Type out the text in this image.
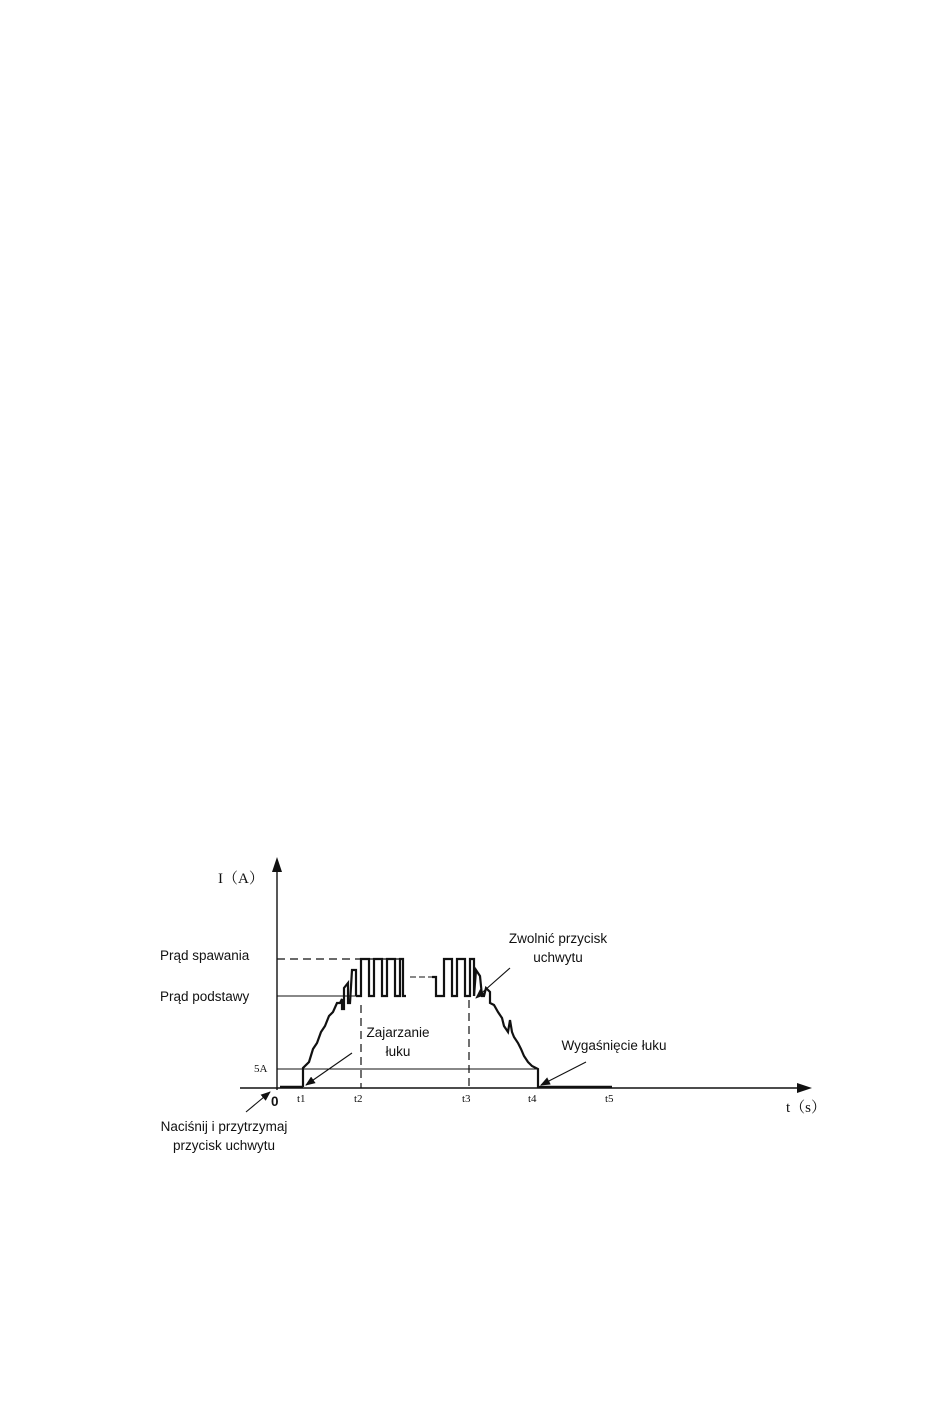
I（A）
t（s）
Prąd spawania
Prąd podstawy
5A
0 t1	t2	t3	t4	t5
Naciśnij i przytrzymaj
przycisk uchwytu
Zajarzanie
łuku
Zwolnić przycisk
uchwytu
Wygaśnięcie łuku
